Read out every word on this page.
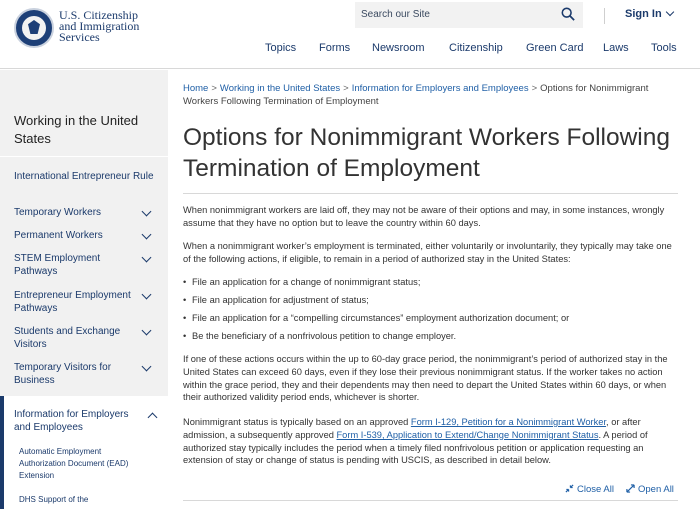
U.S. Citizenship
and Immigration
Services
Search our Site	Sign In
Topics Forms Newsroom Citizenship Green Card Laws Tools
Working in the United States
International Entrepreneur Rule
Temporary Workers
Permanent Workers
STEM Employment Pathways
Entrepreneur Employment Pathways
Students and Exchange Visitors
Temporary Visitors for Business
Information for Employers and Employees
Automatic Employment Authorization Document (EAD) Extension
DHS Support of the
Home > Working in the United States > Information for Employers and Employees > Options for Nonimmigrant Workers Following Termination of Employment
Options for Nonimmigrant Workers Following Termination of Employment

When nonimmigrant workers are laid off, they may not be aware of their options and may, in some instances, wrongly assume that they have no option but to leave the country within 60 days.

When a nonimmigrant worker’s employment is terminated, either voluntarily or involuntarily, they typically may take one of the following actions, if eligible, to remain in a period of authorized stay in the United States:

• File an application for a change of nonimmigrant status;
• File an application for adjustment of status;
• File an application for a “compelling circumstances” employment authorization document; or
• Be the beneficiary of a nonfrivolous petition to change employer.

If one of these actions occurs within the up to 60-day grace period, the nonimmigrant’s period of authorized stay in the United States can exceed 60 days, even if they lose their previous nonimmigrant status. If the worker takes no action within the grace period, they and their dependents may then need to depart the United States within 60 days, or when their authorized validity period ends, whichever is shorter.

Nonimmigrant status is typically based on an approved Form I-129, Petition for a Nonimmigrant Worker, or after admission, a subsequently approved Form I-539, Application to Extend/Change Nonimmigrant Status. A period of authorized stay typically includes the period when a timely filed nonfrivolous petition or application requesting an extension of stay or change of status is pending with USCIS, as described in detail below.

Close All	Open All
